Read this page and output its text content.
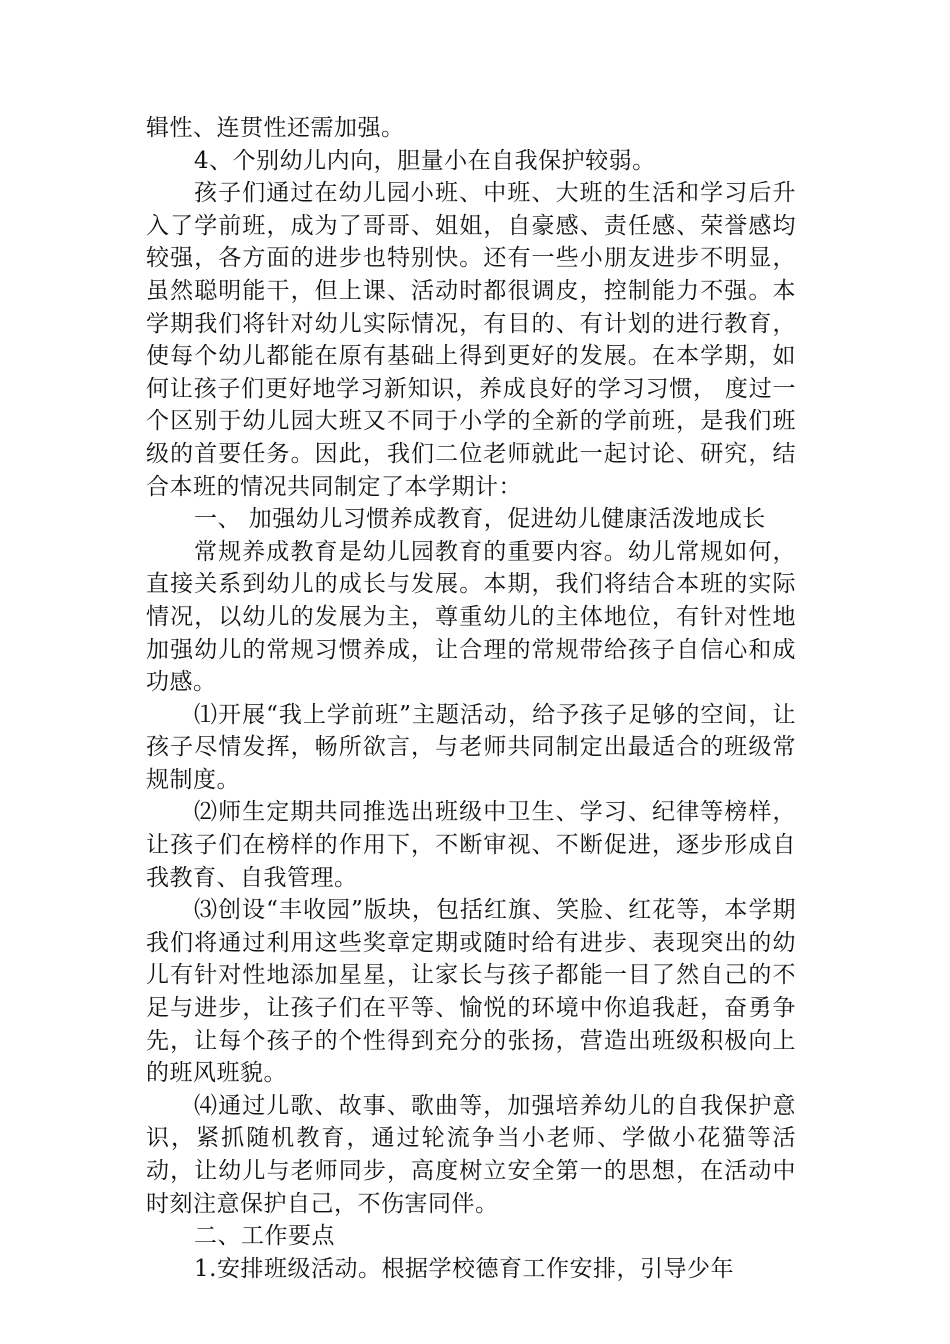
辑性、连贯性还需加强。

4、个别幼儿内向，胆量小在自我保护较弱。

孩子们通过在幼儿园小班、中班、大班的生活和学习后升入了学前班，成为了哥哥、姐姐，自豪感、责任感、荣誉感均较强，各方面的进步也特别快。还有一些小朋友进步不明显，虽然聪明能干，但上课、活动时都很调皮，控制能力不强。本学期我们将针对幼儿实际情况，有目的、有计划的进行教育，使每个幼儿都能在原有基础上得到更好的发展。在本学期，如何让孩子们更好地学习新知识，养成良好的学习习惯， 度过一个区别于幼儿园大班又不同于小学的全新的学前班，是我们班级的首要任务。因此，我们二位老师就此一起讨论、研究，结合本班的情况共同制定了本学期计：

一、 加强幼儿习惯养成教育，促进幼儿健康活泼地成长

常规养成教育是幼儿园教育的重要内容。幼儿常规如何，直接关系到幼儿的成长与发展。本期，我们将结合本班的实际情况，以幼儿的发展为主，尊重幼儿的主体地位，有针对性地加强幼儿的常规习惯养成，让合理的常规带给孩子自信心和成功感。

⑴开展“我上学前班”主题活动，给予孩子足够的空间，让孩子尽情发挥，畅所欲言，与老师共同制定出最适合的班级常规制度。

⑵师生定期共同推选出班级中卫生、学习、纪律等榜样，让孩子们在榜样的作用下，不断审视、不断促进，逐步形成自我教育、自我管理。

⑶创设“丰收园”版块，包括红旗、笑脸、红花等，本学期我们将通过利用这些奖章定期或随时给有进步、表现突出的幼儿有针对性地添加星星，让家长与孩子都能一目了然自己的不足与进步，让孩子们在平等、愉悦的环境中你追我赶，奋勇争先，让每个孩子的个性得到充分的张扬，营造出班级积极向上的班风班貌。

⑷通过儿歌、故事、歌曲等，加强培养幼儿的自我保护意识，紧抓随机教育，通过轮流争当小老师、学做小花猫等活动，让幼儿与老师同步，高度树立安全第一的思想，在活动中时刻注意保护自己，不伤害同伴。

二、工作要点

1.安排班级活动。根据学校德育工作安排，引导少年
